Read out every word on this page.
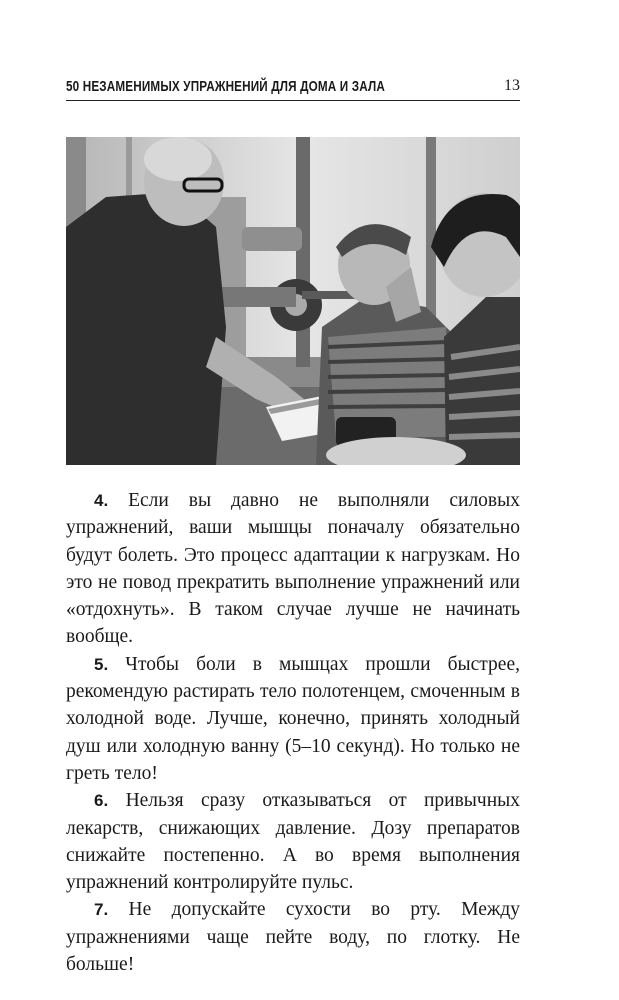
50 НЕЗАМЕНИМЫХ УПРАЖНЕНИЙ ДЛЯ ДОМА И ЗАЛА	13

4. Если вы давно не выполняли силовых упражнений, ваши мышцы поначалу обязательно будут болеть. Это процесс адаптации к нагрузкам. Но это не повод прекратить выполнение упражнений или «отдохнуть». В таком случае лучше не начинать вообще.

5. Чтобы боли в мышцах прошли быстрее, рекомендую растирать тело полотенцем, смоченным в холодной воде. Лучше, конечно, принять холодный душ или холодную ванну (5–10 секунд). Но только не греть тело!

6. Нельзя сразу отказываться от привычных лекарств, снижающих давление. Дозу препаратов снижайте постепенно. А во время выполнения упражнений контролируйте пульс.

7. Не допускайте сухости во рту. Между упражнениями чаще пейте воду, по глотку. Не больше!
